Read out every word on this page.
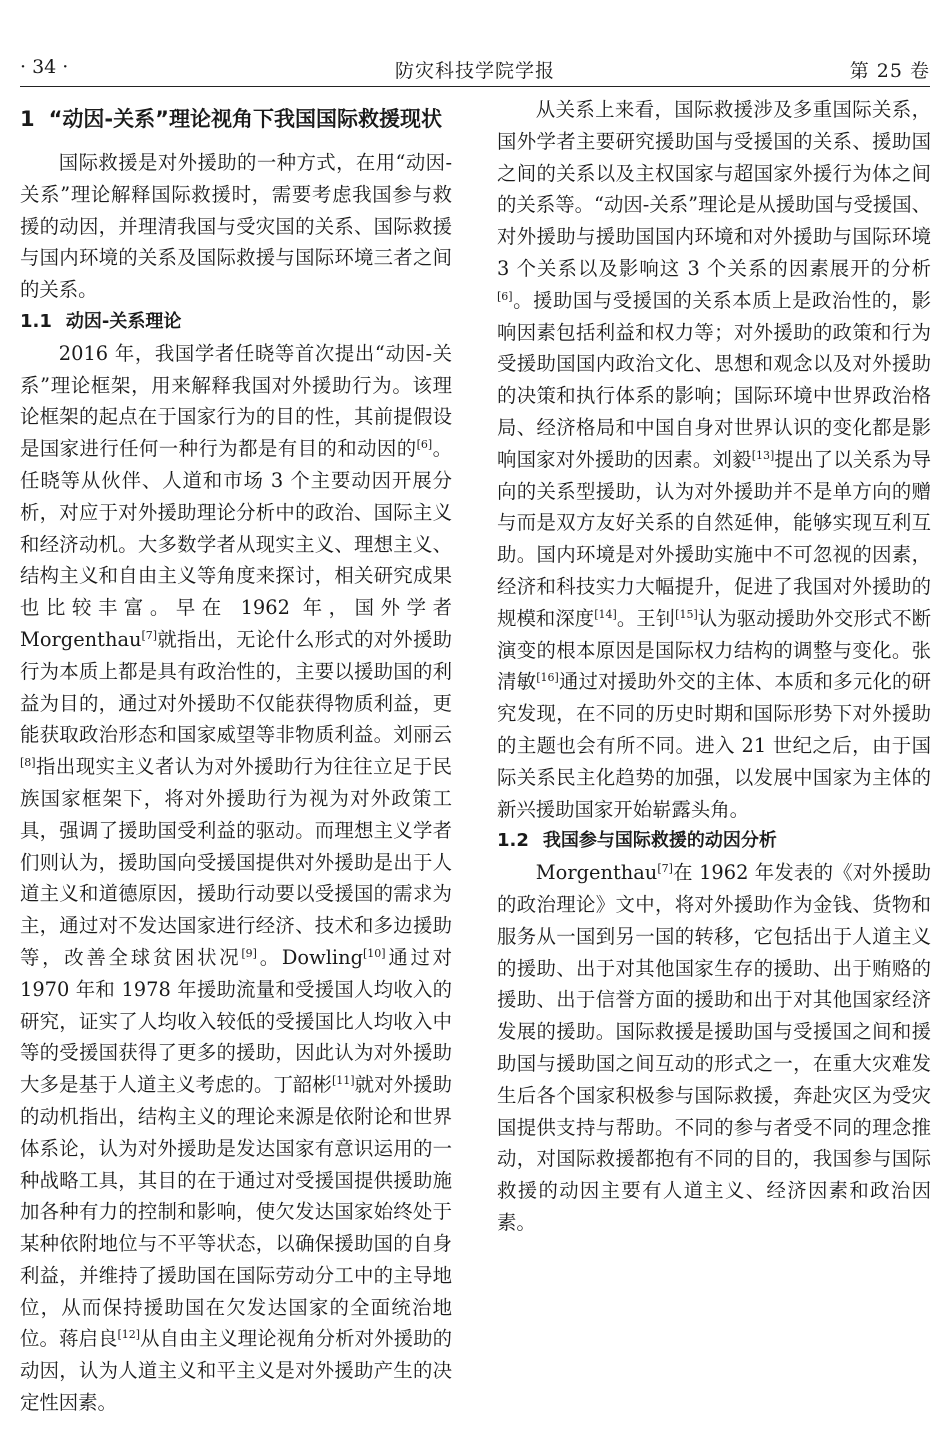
· 34 ·	防灾科技学院学报	第 25 卷
1 “动因-关系”理论视角下我国国际救援现状

国际救援是对外援助的一种方式，在用“动因-关系”理论解释国际救援时，需要考虑我国参与救援的动因，并理清我国与受灾国的关系、国际救援与国内环境的关系及国际救援与国际环境三者之间的关系。

1.1 动因-关系理论

2016 年，我国学者任晓等首次提出“动因-关系”理论框架，用来解释我国对外援助行为。该理论框架的起点在于国家行为的目的性，其前提假设是国家进行任何一种行为都是有目的和动因的[6]。任晓等从伙伴、人道和市场 3 个主要动因开展分析，对应于对外援助理论分析中的政治、国际主义和经济动机。大多数学者从现实主义、理想主义、结构主义和自由主义等角度来探讨，相关研究成果也比较丰富。早在 1962 年，国外学者 Morgenthau[7]就指出，无论什么形式的对外援助行为本质上都是具有政治性的，主要以援助国的利益为目的，通过对外援助不仅能获得物质利益，更能获取政治形态和国家威望等非物质利益。刘丽云[8]指出现实主义者认为对外援助行为往往立足于民族国家框架下，将对外援助行为视为对外政策工具，强调了援助国受利益的驱动。而理想主义学者们则认为，援助国向受援国提供对外援助是出于人道主义和道德原因，援助行动要以受援国的需求为主，通过对不发达国家进行经济、技术和多边援助等，改善全球贫困状况[9]。Dowling[10]通过对 1970 年和 1978 年援助流量和受援国人均收入的研究，证实了人均收入较低的受援国比人均收入中等的受援国获得了更多的援助，因此认为对外援助大多是基于人道主义考虑的。丁韶彬[11]就对外援助的动机指出，结构主义的理论来源是依附论和世界体系论，认为对外援助是发达国家有意识运用的一种战略工具，其目的在于通过对受援国提供援助施加各种有力的控制和影响，使欠发达国家始终处于某种依附地位与不平等状态，以确保援助国的自身利益，并维持了援助国在国际劳动分工中的主导地位，从而保持援助国在欠发达国家的全面统治地位。蒋启良[12]从自由主义理论视角分析对外援助的动因，认为人道主义和平主义是对外援助产生的决定性因素。

从关系上来看，国际救援涉及多重国际关系，国外学者主要研究援助国与受援国的关系、援助国之间的关系以及主权国家与超国家外援行为体之间的关系等。“动因-关系”理论是从援助国与受援国、对外援助与援助国国内环境和对外援助与国际环境 3 个关系以及影响这 3 个关系的因素展开的分析[6]。援助国与受援国的关系本质上是政治性的，影响因素包括利益和权力等；对外援助的政策和行为受援助国国内政治文化、思想和观念以及对外援助的决策和执行体系的影响；国际环境中世界政治格局、经济格局和中国自身对世界认识的变化都是影响国家对外援助的因素。刘毅[13]提出了以关系为导向的关系型援助，认为对外援助并不是单方向的赠与而是双方友好关系的自然延伸，能够实现互利互助。国内环境是对外援助实施中不可忽视的因素，经济和科技实力大幅提升，促进了我国对外援助的规模和深度[14]。王钊[15]认为驱动援助外交形式不断演变的根本原因是国际权力结构的调整与变化。张清敏[16]通过对援助外交的主体、本质和多元化的研究发现，在不同的历史时期和国际形势下对外援助的主题也会有所不同。进入 21 世纪之后，由于国际关系民主化趋势的加强，以发展中国家为主体的新兴援助国家开始崭露头角。

1.2 我国参与国际救援的动因分析

Morgenthau[7]在 1962 年发表的《对外援助的政治理论》文中，将对外援助作为金钱、货物和服务从一国到另一国的转移，它包括出于人道主义的援助、出于对其他国家生存的援助、出于贿赂的援助、出于信誉方面的援助和出于对其他国家经济发展的援助。国际救援是援助国与受援国之间和援助国与援助国之间互动的形式之一，在重大灾难发生后各个国家积极参与国际救援，奔赴灾区为受灾国提供支持与帮助。不同的参与者受不同的理念推动，对国际救援都抱有不同的目的，我国参与国际救援的动因主要有人道主义、经济因素和政治因素。
